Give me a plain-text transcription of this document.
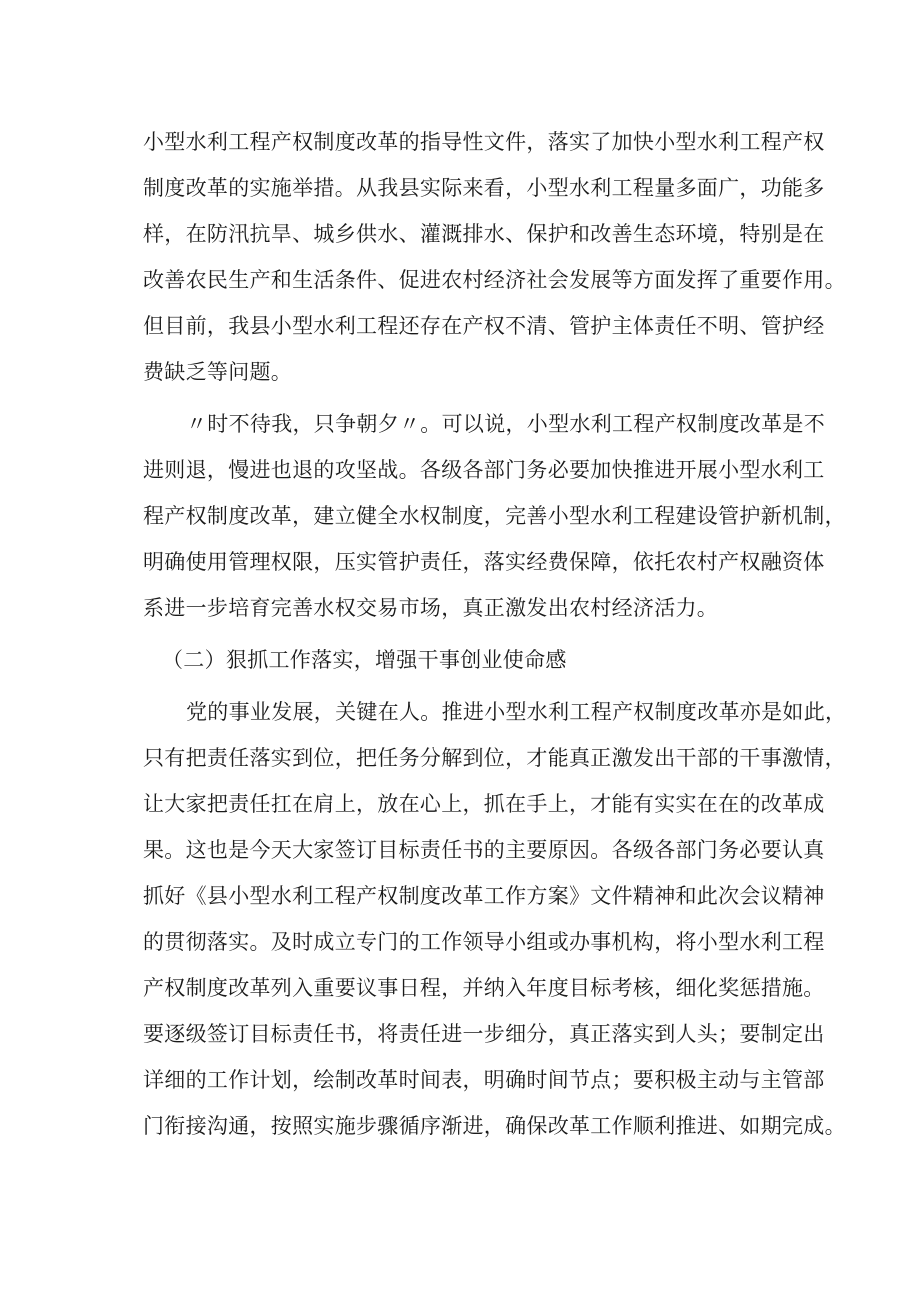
小型水利工程产权制度改革的指导性文件，落实了加快小型水利工程产权
制度改革的实施举措。从我县实际来看，小型水利工程量多面广，功能多
样，在防汛抗旱、城乡供水、灌溉排水、保护和改善生态环境，特别是在
改善农民生产和生活条件、促进农村经济社会发展等方面发挥了重要作用。
但目前，我县小型水利工程还存在产权不清、管护主体责任不明、管护经
费缺乏等问题。
〃时不待我，只争朝夕〃。可以说，小型水利工程产权制度改革是不
进则退，慢进也退的攻坚战。各级各部门务必要加快推进开展小型水利工
程产权制度改革，建立健全水权制度，完善小型水利工程建设管护新机制，
明确使用管理权限，压实管护责任，落实经费保障，依托农村产权融资体
系进一步培育完善水权交易市场，真正激发出农村经济活力。
（二）狠抓工作落实，增强干事创业使命感
党的事业发展，关键在人。推进小型水利工程产权制度改革亦是如此，
只有把责任落实到位，把任务分解到位，才能真正激发出干部的干事激情，
让大家把责任扛在肩上，放在心上，抓在手上，才能有实实在在的改革成
果。这也是今天大家签订目标责任书的主要原因。各级各部门务必要认真
抓好《县小型水利工程产权制度改革工作方案》文件精神和此次会议精神
的贯彻落实。及时成立专门的工作领导小组或办事机构，将小型水利工程
产权制度改革列入重要议事日程，并纳入年度目标考核，细化奖惩措施。
要逐级签订目标责任书，将责任进一步细分，真正落实到人头；要制定出
详细的工作计划，绘制改革时间表，明确时间节点；要积极主动与主管部
门衔接沟通，按照实施步骤循序渐进，确保改革工作顺利推进、如期完成。
